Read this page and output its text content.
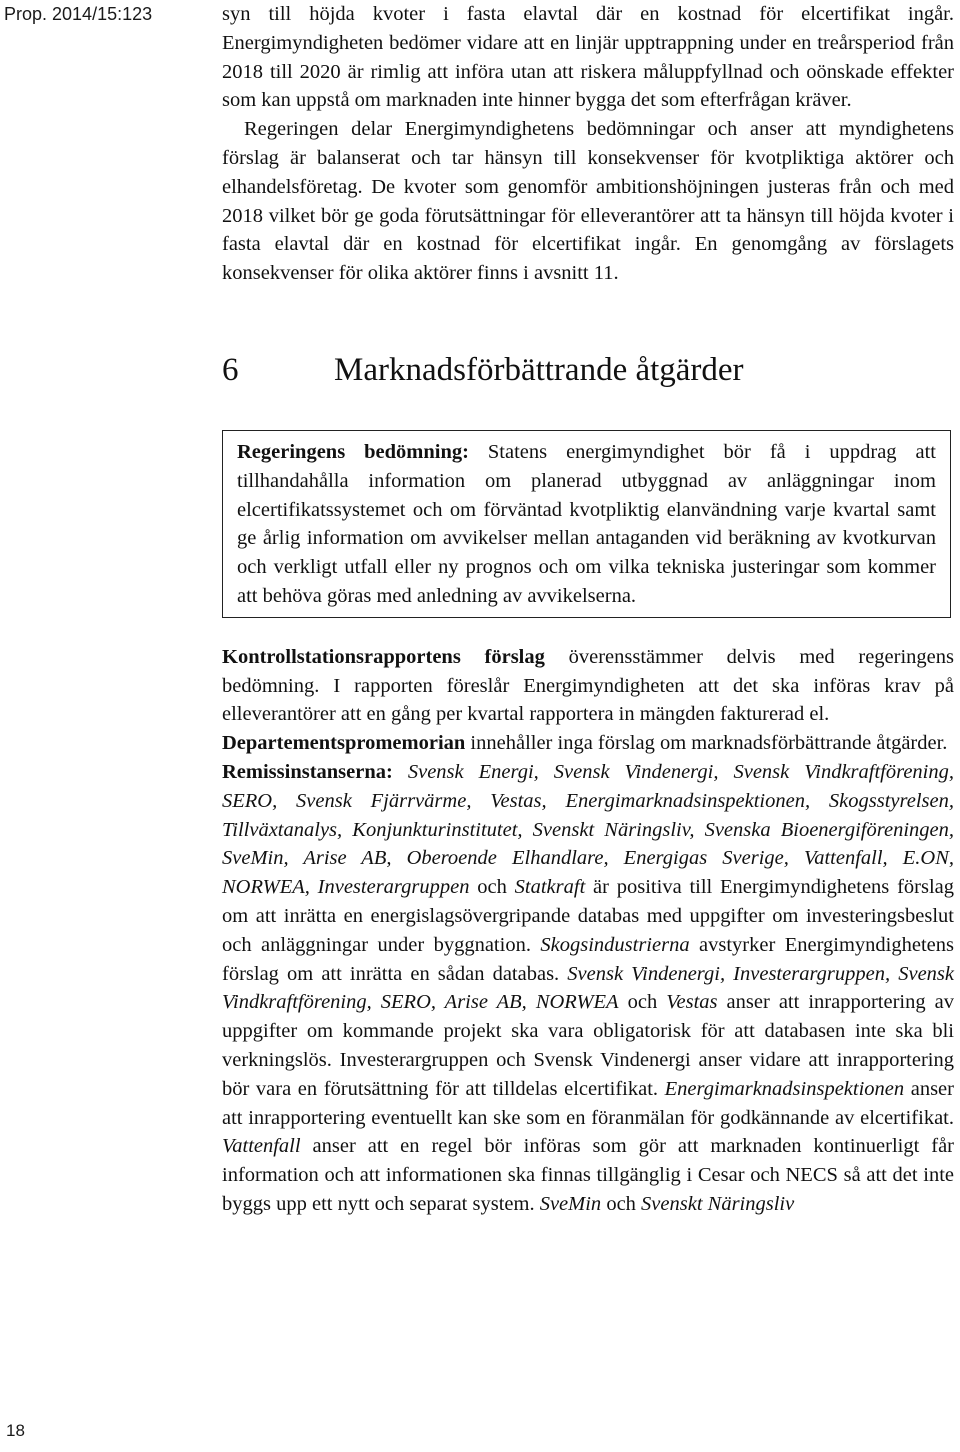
Prop. 2014/15:123	syn till höjda kvoter i fasta elavtal där en kostnad för elcertifikat ingår. Energimyndigheten bedömer vidare att en linjär upptrappning under en treårsperiod från 2018 till 2020 är rimlig att införa utan att riskera måluppfyllnad och oönskade effekter som kan uppstå om marknaden inte hinner bygga det som efterfrågan kräver.

Regeringen delar Energimyndighetens bedömningar och anser att myndighetens förslag är balanserat och tar hänsyn till konsekvenser för kvotpliktiga aktörer och elhandelsföretag. De kvoter som genomför ambitionshöjningen justeras från och med 2018 vilket bör ge goda förutsättningar för elleverantörer att ta hänsyn till höjda kvoter i fasta elavtal där en kostnad för elcertifikat ingår. En genomgång av förslagets konsekvenser för olika aktörer finns i avsnitt 11.

6	Marknadsförbättrande åtgärder

Regeringens bedömning: Statens energimyndighet bör få i uppdrag att tillhandahålla information om planerad utbyggnad av anläggningar inom elcertifikatssystemet och om förväntad kvotpliktig elanvändning varje kvartal samt ge årlig information om avvikelser mellan antaganden vid beräkning av kvotkurvan och verkligt utfall eller ny prognos och om vilka tekniska justeringar som kommer att behöva göras med anledning av avvikelserna.

Kontrollstationsrapportens förslag överensstämmer delvis med regeringens bedömning. I rapporten föreslår Energimyndigheten att det ska införas krav på elleverantörer att en gång per kvartal rapportera in mängden fakturerad el.

Departementspromemorian innehåller inga förslag om marknadsförbättrande åtgärder.

Remissinstanserna: Svensk Energi, Svensk Vindenergi, Svensk Vindkraftförening, SERO, Svensk Fjärrvärme, Vestas, Energimarknadsinspektionen, Skogsstyrelsen, Tillväxtanalys, Konjunkturinstitutet, Svenskt Näringsliv, Svenska Bioenergiföreningen, SveMin, Arise AB, Oberoende Elhandlare, Energigas Sverige, Vattenfall, E.ON, NORWEA, Investerargruppen och Statkraft är positiva till Energimyndighetens förslag om att inrätta en energislagsövergripande databas med uppgifter om investeringsbeslut och anläggningar under byggnation. Skogsindustrierna avstyrker Energimyndighetens förslag om att inrätta en sådan databas. Svensk Vindenergi, Investerargruppen, Svensk Vindkraftförening, SERO, Arise AB, NORWEA och Vestas anser att inrapportering av uppgifter om kommande projekt ska vara obligatorisk för att databasen inte ska bli verkningslös. Investerargruppen och Svensk Vindenergi anser vidare att inrapportering bör vara en förutsättning för att tilldelas elcertifikat. Energimarknadsinspektionen anser att inrapportering eventuellt kan ske som en föranmälan för godkännande av elcertifikat. Vattenfall anser att en regel bör införas som gör att marknaden kontinuerligt får information och att informationen ska finnas tillgänglig i Cesar och NECS så att det inte byggs upp ett nytt och separat system. SveMin och Svenskt Näringsliv

18
